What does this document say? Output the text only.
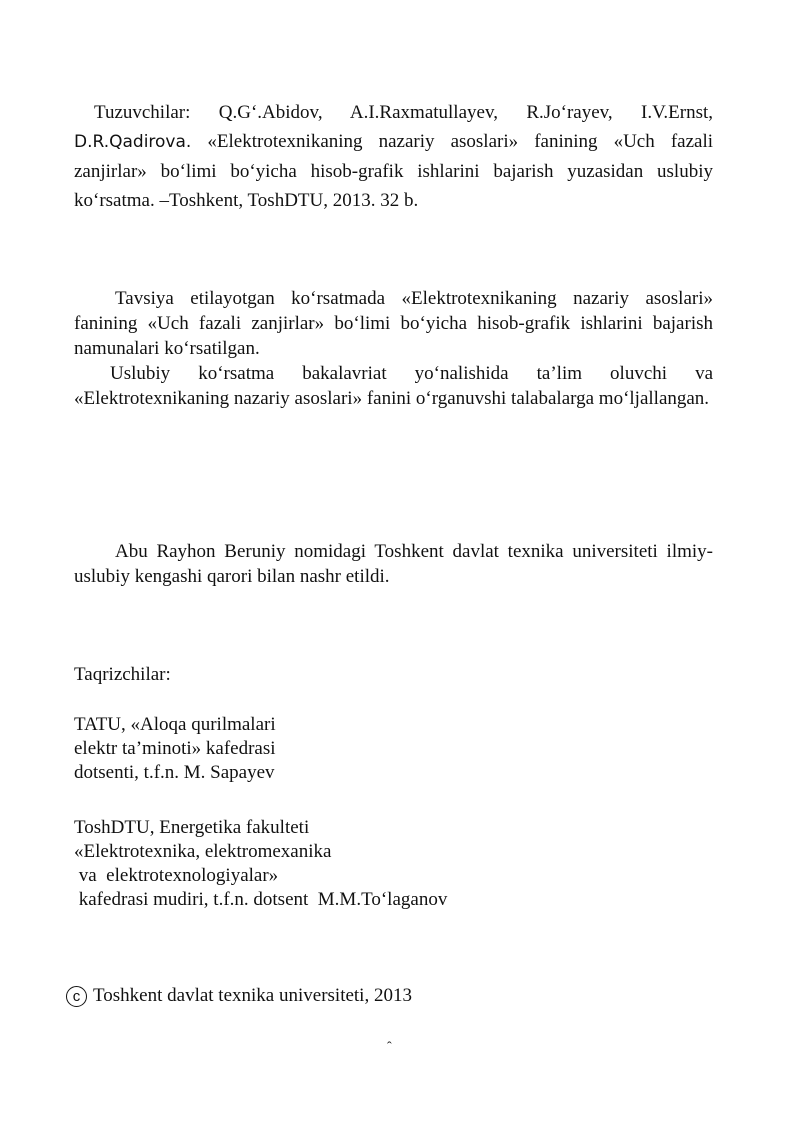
Tuzuvchilar: Q.G‘.Abidov, A.I.Raxmatullayev, R.Jo‘rayev, I.V.Ernst, D.R.Qadirova. «Elektrotexnikaning nazariy asoslari» fanining «Uch fazali zanjirlar» bo‘limi bo‘yicha hisob-grafik ishlarini bajarish yuzasidan uslubiy ko‘rsatma. –Toshkent, ToshDTU, 2013. 32 b.

Tavsiya etilayotgan ko‘rsatmada «Elektrotexnikaning nazariy asoslari» fanining «Uch fazali zanjirlar» bo‘limi bo‘yicha hisob-grafik ishlarini bajarish namunalari ko‘rsatilgan.

Uslubiy ko‘rsatma bakalavriat yo‘nalishida ta’lim oluvchi va «Elektrotexnikaning nazariy asoslari» fanini o‘rganuvshi talabalarga mo‘ljallangan.

Abu Rayhon Beruniy nomidagi Toshkent davlat texnika universiteti ilmiy-uslubiy kengashi qarori bilan nashr etildi.

Taqrizchilar:

TATU, «Aloqa qurilmalari
elektr ta’minoti» kafedrasi
dotsenti, t.f.n. M. Sapayev
ToshDTU, Energetika fakulteti
«Elektrotexnika, elektromexanika
va  elektrotexnologiyalar»
kafedrasi mudiri, t.f.n. dotsent  M.M.To‘laganov
c Toshkent davlat texnika universiteti, 2013
ˆ
